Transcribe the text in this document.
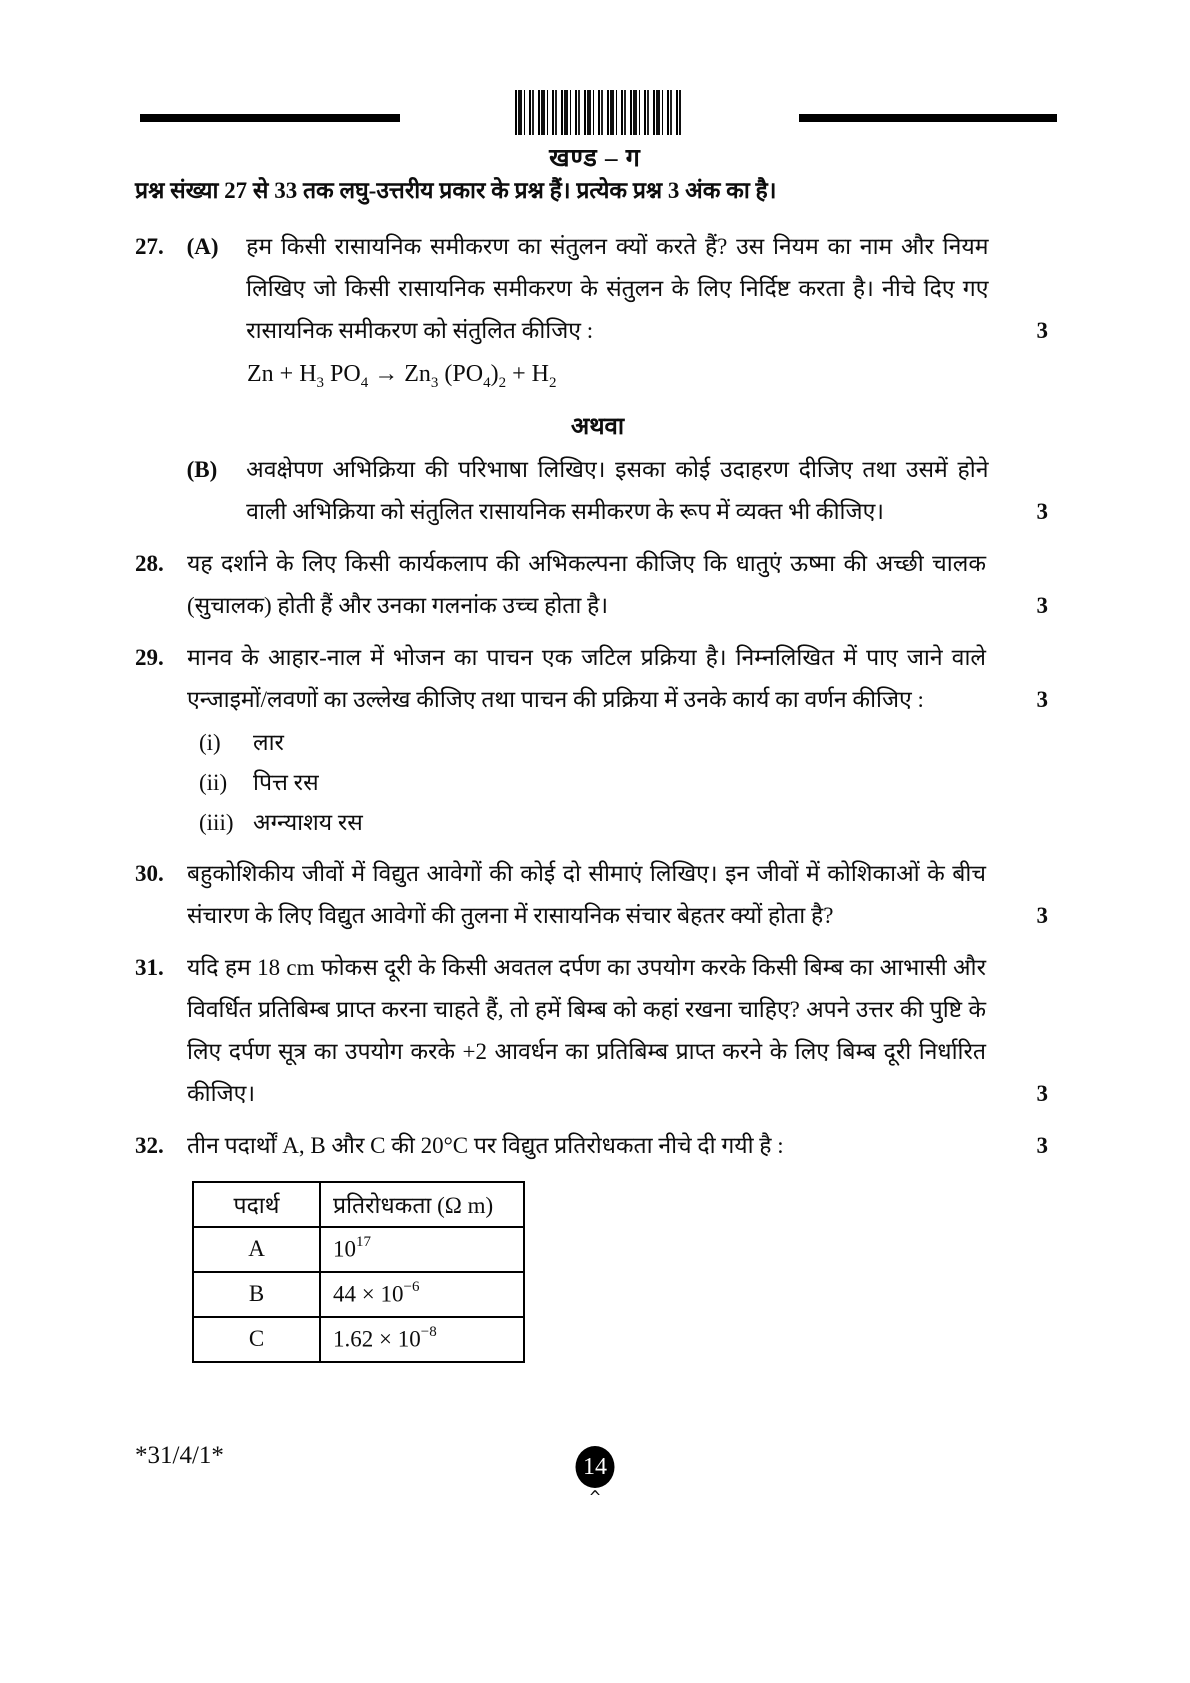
खण्ड – ग
प्रश्न संख्या 27 से 33 तक लघु-उत्तरीय प्रकार के प्रश्न हैं। प्रत्येक प्रश्न 3 अंक का है।
27. (A)	हम किसी रासायनिक समीकरण का संतुलन क्यों करते हैं? उस नियम का नाम और नियम लिखिए जो किसी रासायनिक समीकरण के संतुलन के लिए निर्दिष्ट करता है। नीचे दिए गए रासायनिक समीकरण को संतुलित कीजिए :	3
$Zn + H_3$ $PO_4 \to Zn_3$ $(PO_4)_2 + H_2$
अथवा
(B)	अवक्षेपण अभिक्रिया की परिभाषा लिखिए। इसका कोई उदाहरण दीजिए तथा उसमें होने वाली अभिक्रिया को संतुलित रासायनिक समीकरण के रूप में व्यक्त भी कीजिए।	3
28.	यह दर्शाने के लिए किसी कार्यकलाप की अभिकल्पना कीजिए कि धातुएं ऊष्मा की अच्छी चालक (सुचालक) होती हैं और उनका गलनांक उच्च होता है।	3
29.	मानव के आहार-नाल में भोजन का पाचन एक जटिल प्रक्रिया है। निम्नलिखित में पाए जाने वाले एन्जाइमों/लवणों का उल्लेख कीजिए तथा पाचन की प्रक्रिया में उनके कार्य का वर्णन कीजिए :	3
(i)	लार
(ii)	पित्त रस
(iii) अग्न्याशय रस
30.	बहुकोशिकीय जीवों में विद्युत आवेगों की कोई दो सीमाएं लिखिए। इन जीवों में कोशिकाओं के बीच संचारण के लिए विद्युत आवेगों की तुलना में रासायनिक संचार बेहतर क्यों होता है?	3
31.	यदि हम 18 cm फोकस दूरी के किसी अवतल दर्पण का उपयोग करके किसी बिम्ब का आभासी और विवर्धित प्रतिबिम्ब प्राप्त करना चाहते हैं, तो हमें बिम्ब को कहां रखना चाहिए? अपने उत्तर की पुष्टि के लिए दर्पण सूत्र का उपयोग करके +2 आवर्धन का प्रतिबिम्ब प्राप्त करने के लिए बिम्ब दूरी निर्धारित कीजिए।	3
32.	तीन पदार्थों A, B और C की 20°C पर विद्युत प्रतिरोधकता नीचे दी गयी है :	3
पदार्थ	प्रतिरोधकता (Ω m)
A	$10^{17}$
B	$44 \times 10^{-6}$
C	$1.62 \times 10^{-8}$
*31/4/1*	14
^
